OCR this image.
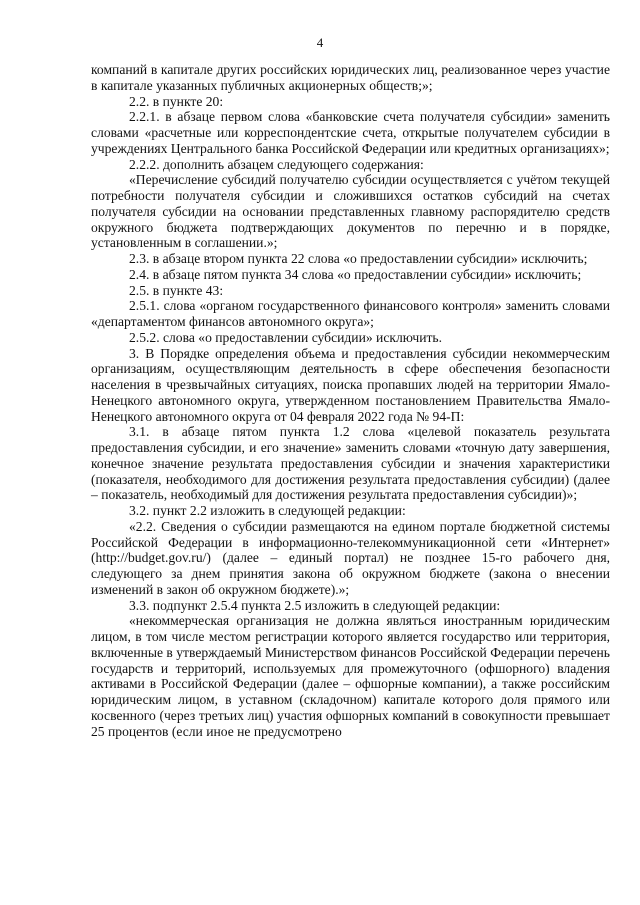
4

компаний в капитале других российских юридических лиц, реализованное через участие в капитале указанных публичных акционерных обществ;»;

2.2. в пункте 20:

2.2.1. в абзаце первом слова «банковские счета получателя субсидии» заменить словами «расчетные или корреспондентские счета, открытые получателем субсидии в учреждениях Центрального банка Российской Федерации или кредитных организациях»;

2.2.2. дополнить абзацем следующего содержания:

«Перечисление субсидий получателю субсидии осуществляется с учётом текущей потребности получателя субсидии и сложившихся остатков субсидий на счетах получателя субсидии на основании представленных главному распорядителю средств окружного бюджета подтверждающих документов по перечню и в порядке, установленным в соглашении.»;

2.3. в абзаце втором пункта 22 слова «о предоставлении субсидии» исключить;

2.4. в абзаце пятом пункта 34 слова «о предоставлении субсидии» исключить;

2.5. в пункте 43:

2.5.1. слова «органом государственного финансового контроля» заменить словами «департаментом финансов автономного округа»;

2.5.2. слова «о предоставлении субсидии» исключить.

3. В Порядке определения объема и предоставления субсидии некоммерческим организациям, осуществляющим деятельность в сфере обеспечения безопасности населения в чрезвычайных ситуациях, поиска пропавших людей на территории Ямало-Ненецкого автономного округа, утвержденном постановлением Правительства Ямало-Ненецкого автономного округа от 04 февраля 2022 года № 94-П:

3.1. в абзаце пятом пункта 1.2 слова «целевой показатель результата предоставления субсидии, и его значение» заменить словами «точную дату завершения, конечное значение результата предоставления субсидии и значения характеристики (показателя, необходимого для достижения результата предоставления субсидии) (далее – показатель, необходимый для достижения результата предоставления субсидии)»;

3.2. пункт 2.2 изложить в следующей редакции:

«2.2. Сведения о субсидии размещаются на едином портале бюджетной системы Российской Федерации в информационно-телекоммуникационной сети «Интернет» (http://budget.gov.ru/) (далее – единый портал) не позднее 15-го рабочего дня, следующего за днем принятия закона об окружном бюджете (закона о внесении изменений в закон об окружном бюджете).»;

3.3. подпункт 2.5.4 пункта 2.5 изложить в следующей редакции:

«некоммерческая организация не должна являться иностранным юридическим лицом, в том числе местом регистрации которого является государство или территория, включенные в утверждаемый Министерством финансов Российской Федерации перечень государств и территорий, используемых для промежуточного (офшорного) владения активами в Российской Федерации (далее – офшорные компании), а также российским юридическим лицом, в уставном (складочном) капитале которого доля прямого или косвенного (через третьих лиц) участия офшорных компаний в совокупности превышает 25 процентов (если иное не предусмотрено
